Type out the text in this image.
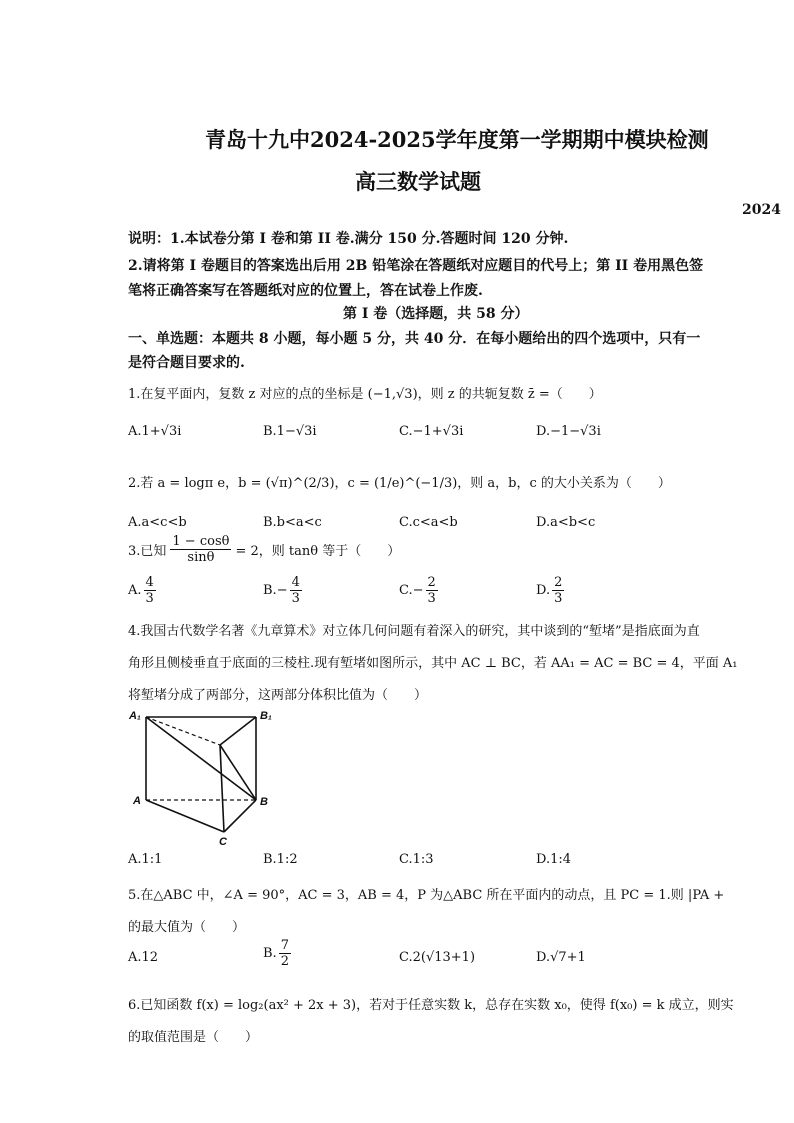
青岛十九中2024-2025学年度第一学期期中模块检测
高三数学试题
2024
说明：1.本试卷分第 I 卷和第 II 卷.满分 150 分.答题时间 120 分钟.
2.请将第 I 卷题目的答案选出后用 2B 铅笔涂在答题纸对应题目的代号上；第 II 卷用黑色签
笔将正确答案写在答题纸对应的位置上，答在试卷上作废.
第 I 卷（选择题，共 58 分）
一、单选题：本题共 8 小题，每小题 5 分，共 40 分．在每小题给出的四个选项中，只有一
是符合题目要求的.
1.在复平面内，复数 z 对应的点的坐标是 (−1,√3)，则 z 的共轭复数 z̄ =（　　）
A.1+√3i	B.1−√3i	C.−1+√3i	D.−1−√3i
2.若 a = logπ e，b = (√π)^(2/3)，c = (1/e)^(−1/3)，则 a，b，c 的大小关系为（　　）
A.a<c<b	B.b<a<c	C.c<a<b	D.a<b<c
3.已知 $\frac{1 - \cos\theta}{\sin\theta} = 2$，则 tanθ 等于（　　）
A. $\frac{4}{3}$	B. − $\frac{4}{3}$	C. − $\frac{2}{3}$	D. $\frac{2}{3}$
4.我国古代数学名著《九章算术》对立体几何问题有着深入的研究，其中谈到的“堑堵”是指底面为直
角形且侧棱垂直于底面的三棱柱.现有堑堵如图所示，其中 AC ⊥ BC，若 AA₁ = AC = BC = 4，平面 A₁
将堑堵分成了两部分，这两部分体积比值为（　　）
A₁	B₁
A	B
C
A.1:1	B.1:2	C.1:3	D.1:4
5.在△ABC 中，∠A = 90°，AC = 3，AB = 4，P 为△ABC 所在平面内的动点，且 PC = 1.则 |PA +
的最大值为（　　）
A.12	B. $\frac{7}{2}$	C.2(√13+1)	D.√7+1
6.已知函数 f(x) = log₂(ax² + 2x + 3)，若对于任意实数 k，总存在实数 x₀，使得 f(x₀) = k 成立，则实
的取值范围是（　　）
